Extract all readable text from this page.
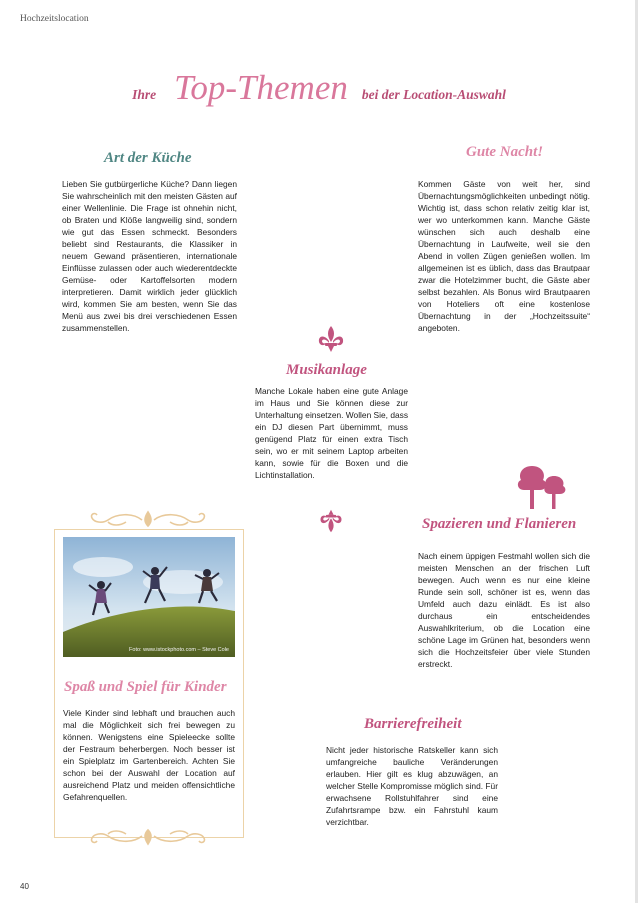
Hochzeitslocation
Ihre Top-Themen bei der Location-Auswahl
Art der Küche

Lieben Sie gutbürgerliche Küche? Dann liegen Sie wahrscheinlich mit den meisten Gästen auf einer Wellenlinie. Die Frage ist ohnehin nicht, ob Braten und Klöße langweilig sind, sondern wie gut das Essen schmeckt. Besonders beliebt sind Restaurants, die Klassiker in neuem Gewand präsentieren, internationale Einflüsse zulassen oder auch wiederentdeckte Gemüse- oder Kartoffelsorten modern interpretieren. Damit wirklich jeder glücklich wird, kommen Sie am besten, wenn Sie das Menü aus zwei bis drei verschiedenen Essen zusammenstellen.

Gute Nacht!

Kommen Gäste von weit her, sind Übernachtungsmöglichkeiten unbedingt nötig. Wichtig ist, dass schon relativ zeitig klar ist, wer wo unterkommen kann. Manche Gäste wünschen sich auch deshalb eine Übernachtung in Laufweite, weil sie den Abend in vollen Zügen genießen wollen. Im allgemeinen ist es üblich, dass das Brautpaar zwar die Hotelzimmer bucht, die Gäste aber selbst bezahlen. Als Bonus wird Brautpaaren von Hoteliers oft eine kostenlose Übernachtung in der „Hochzeitssuite“ angeboten.

Musikanlage

Manche Lokale haben eine gute Anlage im Haus und Sie können diese zur Unterhaltung einsetzen. Wollen Sie, dass ein DJ diesen Part übernimmt, muss genügend Platz für einen extra Tisch sein, wo er mit seinem Laptop arbeiten kann, sowie für die Boxen und die Lichtinstallation.

Spazieren und Flanieren

Nach einem üppigen Festmahl wollen sich die meisten Menschen an der frischen Luft bewegen. Auch wenn es nur eine kleine Runde sein soll, schöner ist es, wenn das Umfeld auch dazu einlädt. Es ist also durchaus ein entscheidendes Auswahlkriterium, ob die Location eine schöne Lage im Grünen hat, besonders wenn sich die Hochzeitsfeier über viele Stunden erstreckt.

Foto: www.istockphoto.com – Steve Cole
Spaß und Spiel für Kinder

Viele Kinder sind lebhaft und brauchen auch mal die Möglichkeit sich frei bewegen zu können. Wenigstens eine Spieleecke sollte der Festraum beherbergen. Noch besser ist ein Spielplatz im Gartenbereich. Achten Sie schon bei der Auswahl der Location auf ausreichend Platz und meiden offensichtliche Gefahrenquellen.

Barrierefreiheit

Nicht jeder historische Ratskeller kann sich umfangreiche bauliche Veränderungen erlauben. Hier gilt es klug abzuwägen, an welcher Stelle Kompromisse möglich sind. Für erwachsene Rollstuhlfahrer sind eine Zufahrtsrampe bzw. ein Fahrstuhl kaum verzichtbar.

40
